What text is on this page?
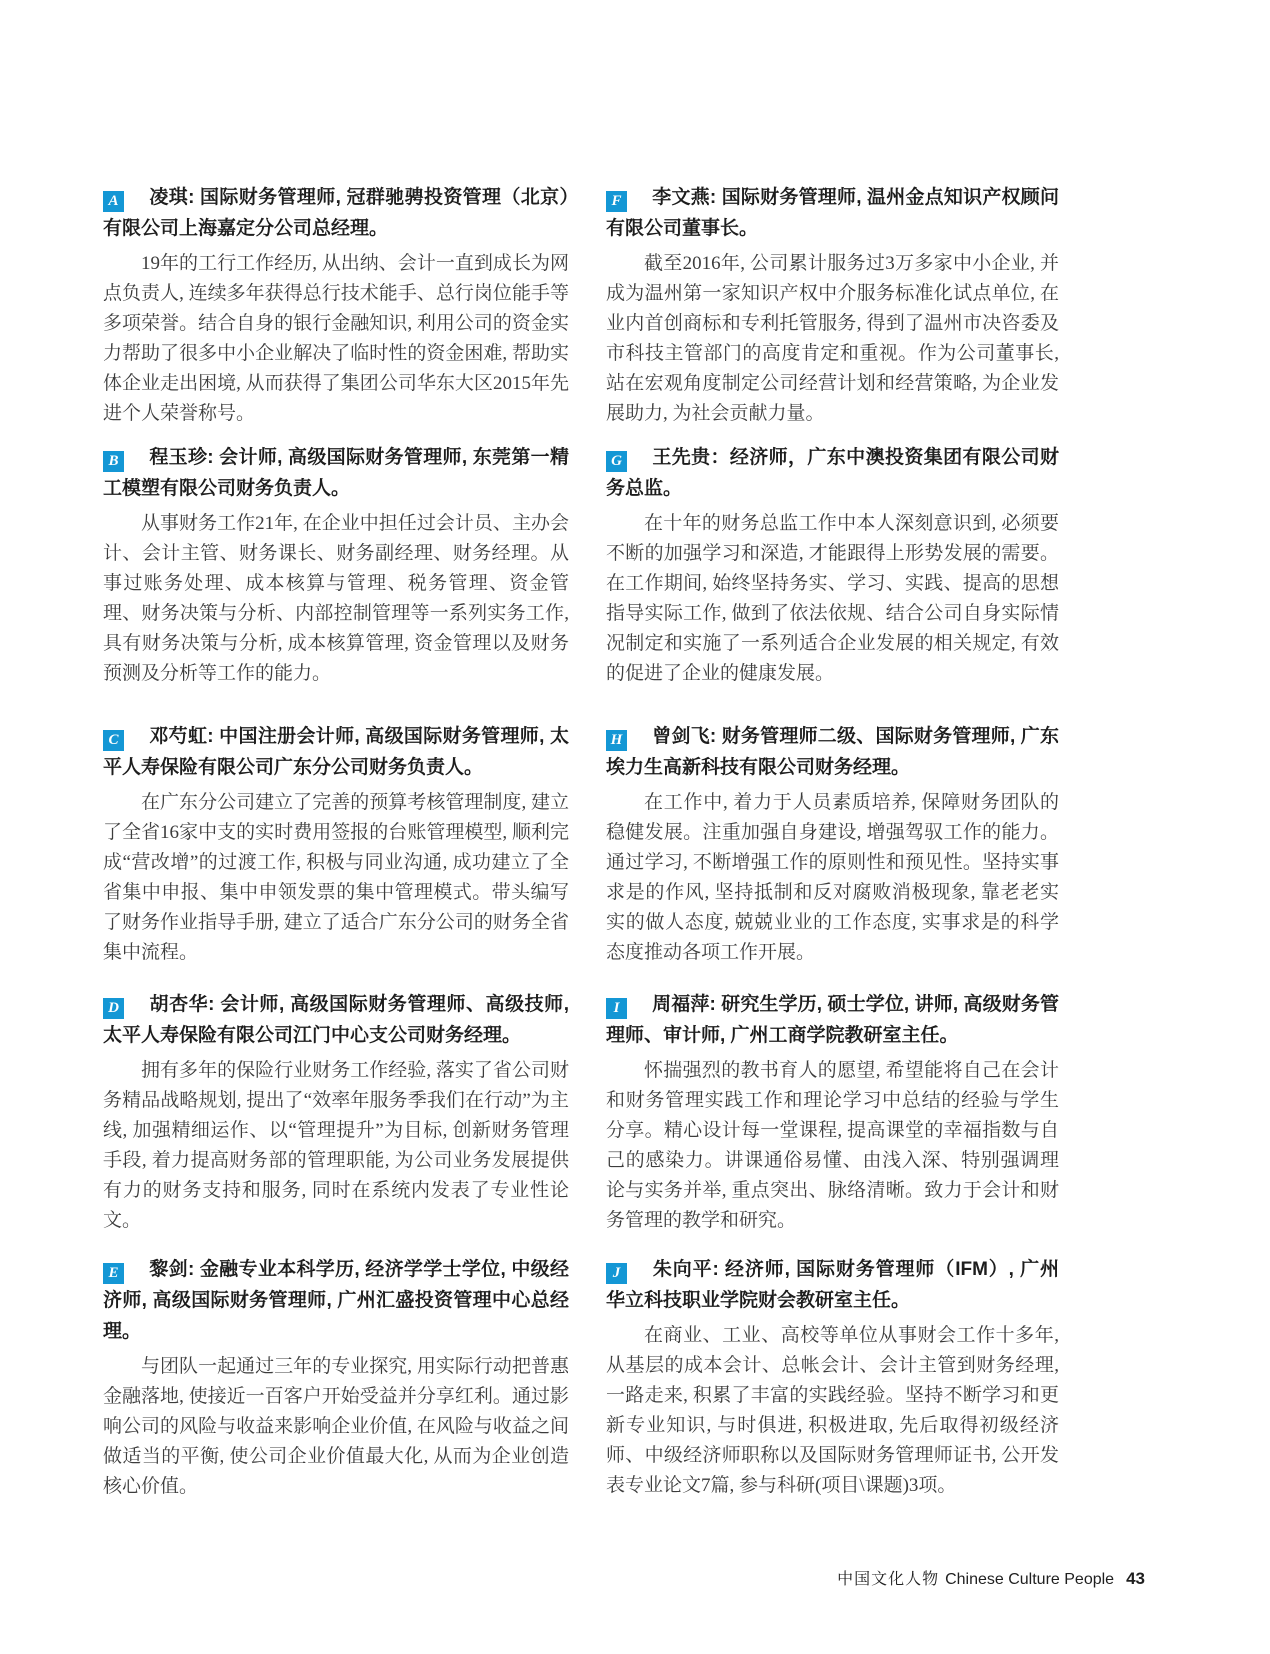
A 凌琪: 国际财务管理师, 冠群驰骋投资管理（北京）有限公司上海嘉定分公司总经理。

19年的工行工作经历, 从出纳、会计一直到成长为网点负责人, 连续多年获得总行技术能手、总行岗位能手等多项荣誉。结合自身的银行金融知识, 利用公司的资金实力帮助了很多中小企业解决了临时性的资金困难, 帮助实体企业走出困境, 从而获得了集团公司华东大区2015年先进个人荣誉称号。

B 程玉珍: 会计师, 高级国际财务管理师, 东莞第一精工模塑有限公司财务负责人。

从事财务工作21年, 在企业中担任过会计员、主办会计、会计主管、财务课长、财务副经理、财务经理。从事过账务处理、成本核算与管理、税务管理、资金管理、财务决策与分析、内部控制管理等一系列实务工作, 具有财务决策与分析, 成本核算管理, 资金管理以及财务预测及分析等工作的能力。

C 邓芍虹: 中国注册会计师, 高级国际财务管理师, 太平人寿保险有限公司广东分公司财务负责人。

在广东分公司建立了完善的预算考核管理制度, 建立了全省16家中支的实时费用签报的台账管理模型, 顺利完成“营改增”的过渡工作, 积极与同业沟通, 成功建立了全省集中申报、集中申领发票的集中管理模式。带头编写了财务作业指导手册, 建立了适合广东分公司的财务全省集中流程。

D 胡杏华: 会计师, 高级国际财务管理师、高级技师, 太平人寿保险有限公司江门中心支公司财务经理。

拥有多年的保险行业财务工作经验, 落实了省公司财务精品战略规划, 提出了“效率年服务季我们在行动”为主线, 加强精细运作、以“管理提升”为目标, 创新财务管理手段, 着力提高财务部的管理职能, 为公司业务发展提供有力的财务支持和服务, 同时在系统内发表了专业性论文。

E 黎剑: 金融专业本科学历, 经济学学士学位, 中级经济师, 高级国际财务管理师, 广州汇盛投资管理中心总经理。

与团队一起通过三年的专业探究, 用实际行动把普惠金融落地, 使接近一百客户开始受益并分享红利。通过影响公司的风险与收益来影响企业价值, 在风险与收益之间做适当的平衡, 使公司企业价值最大化, 从而为企业创造核心价值。

F 李文燕: 国际财务管理师, 温州金点知识产权顾问有限公司董事长。

截至2016年, 公司累计服务过3万多家中小企业, 并成为温州第一家知识产权中介服务标准化试点单位, 在业内首创商标和专利托管服务, 得到了温州市决咨委及市科技主管部门的高度肯定和重视。作为公司董事长, 站在宏观角度制定公司经营计划和经营策略, 为企业发展助力, 为社会贡献力量。

G 王先贵：经济师，广东中澳投资集团有限公司财务总监。

在十年的财务总监工作中本人深刻意识到, 必须要不断的加强学习和深造, 才能跟得上形势发展的需要。在工作期间, 始终坚持务实、学习、实践、提高的思想指导实际工作, 做到了依法依规、结合公司自身实际情况制定和实施了一系列适合企业发展的相关规定, 有效的促进了企业的健康发展。

H 曾剑飞: 财务管理师二级、国际财务管理师, 广东埃力生高新科技有限公司财务经理。

在工作中, 着力于人员素质培养, 保障财务团队的稳健发展。注重加强自身建设, 增强驾驭工作的能力。通过学习, 不断增强工作的原则性和预见性。坚持实事求是的作风, 坚持抵制和反对腐败消极现象, 靠老老实实的做人态度, 兢兢业业的工作态度, 实事求是的科学态度推动各项工作开展。

I 周福萍: 研究生学历, 硕士学位, 讲师, 高级财务管理师、审计师, 广州工商学院教研室主任。

怀揣强烈的教书育人的愿望, 希望能将自己在会计和财务管理实践工作和理论学习中总结的经验与学生分享。精心设计每一堂课程, 提高课堂的幸福指数与自己的感染力。讲课通俗易懂、由浅入深、特别强调理论与实务并举, 重点突出、脉络清晰。致力于会计和财务管理的教学和研究。

J 朱向平: 经济师, 国际财务管理师（IFM）, 广州华立科技职业学院财会教研室主任。

在商业、工业、高校等单位从事财会工作十多年, 从基层的成本会计、总帐会计、会计主管到财务经理, 一路走来, 积累了丰富的实践经验。坚持不断学习和更新专业知识, 与时俱进, 积极进取, 先后取得初级经济师、中级经济师职称以及国际财务管理师证书, 公开发表专业论文7篇, 参与科研(项目\课题)3项。

中国文化人物 Chinese Culture People 43
